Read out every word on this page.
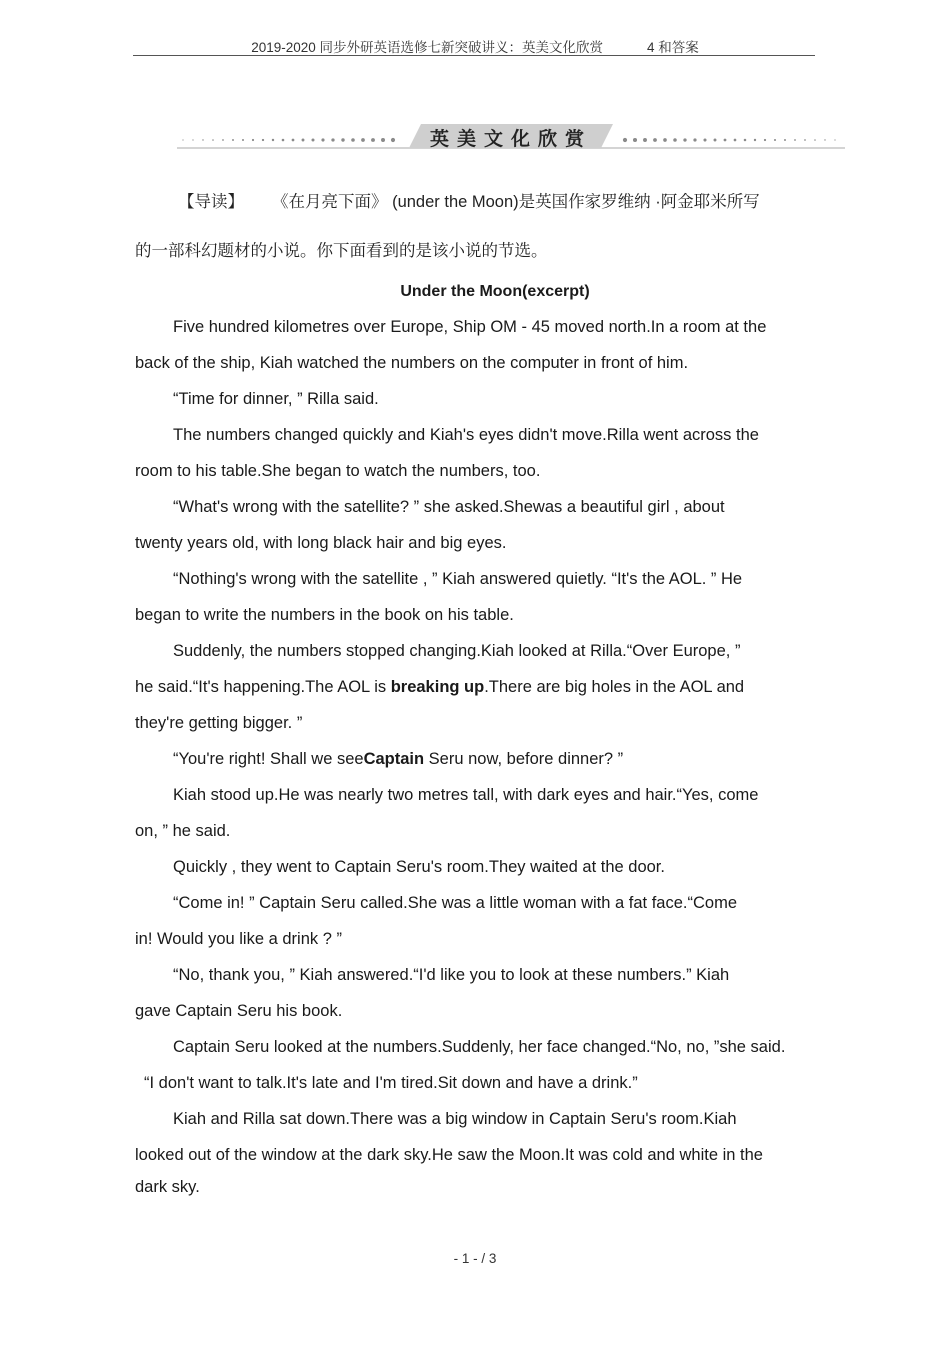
2019-2020 同步外研英语选修七新突破讲义：英美文化欣赏	4 和答案
英美文化欣赏
【导读】 《在月亮下面》 (under the Moon)是英国作家罗维纳 ·阿金耶米所写
的一部科幻题材的小说。你下面看到的是该小说的节选。
Under the Moon(excerpt)
Five hundred kilometres over Europe, Ship OM - 45 moved north.In a room at the
back of the ship, Kiah watched the numbers on the computer in front of him.
“Time for dinner, ” Rilla said.
The numbers changed quickly and Kiah's eyes didn't move.Rilla went across the
room to his table.She began to watch the numbers, too.
“What's wrong with the satellite? ” she asked.Shewas a beautiful girl , about
twenty years old, with long black hair and big eyes.
“Nothing's wrong with the satellite , ” Kiah answered quietly. “It's the AOL. ” He
began to write the numbers in the book on his table.
Suddenly, the numbers stopped changing.Kiah looked at Rilla.“Over Europe, ”
he said.“It's happening.The AOL is breaking up.There are big holes in the AOL and
they're getting bigger. ”
“You're right! Shall we seeCaptain Seru now, before dinner? ”
Kiah stood up.He was nearly two metres tall, with dark eyes and hair.“Yes, come
on, ” he said.
Quickly , they went to Captain Seru's room.They waited at the door.
“Come in! ” Captain Seru called.She was a little woman with a fat face.“Come
in! Would you like a drink ? ”
“No, thank you, ” Kiah answered.“I'd like you to look at these numbers.” Kiah
gave Captain Seru his book.
Captain Seru looked at the numbers.Suddenly, her face changed.“No, no, ”she said.
“I don't want to talk.It's late and I'm tired.Sit down and have a drink.”
Kiah and Rilla sat down.There was a big window in Captain Seru's room.Kiah
looked out of the window at the dark sky.He saw the Moon.It was cold and white in the
dark sky.
- 1 - / 3
